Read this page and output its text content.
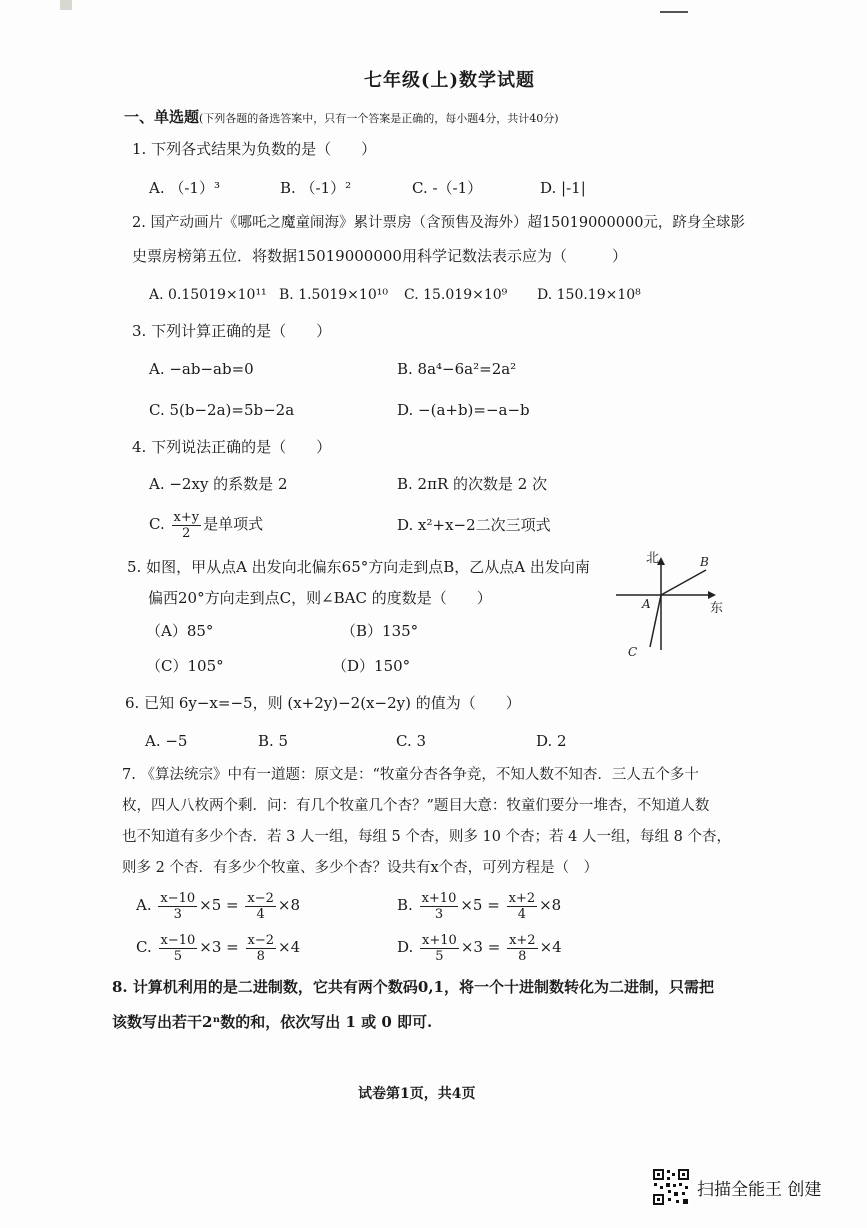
七年级(上)数学试题
一、单选题(下列各题的备选答案中，只有一个答案是正确的，每小题4分，共计40分)
1. 下列各式结果为负数的是（　　）
A. （-1）³	B. （-1）²	C. -（-1）	D. |-1|
2. 国产动画片《哪吒之魔童闹海》累计票房（含预售及海外）超15019000000元，跻身全球影
史票房榜第五位．将数据15019000000用科学记数法表示应为（　　　）
A. 0.15019×10¹¹ B. 1.5019×10¹⁰ C. 15.019×10⁹ D. 150.19×10⁸
3. 下列计算正确的是（　　）
A. −ab−ab=0	B. 8a⁴−6a²=2a²
C. 5(b−2a)=5b−2a	D. −(a+b)=−a−b
4. 下列说法正确的是（　　）
A. −2xy 的系数是 2	B. 2πR 的次数是 2 次
C. $\frac{x+y}{2}$ 是单项式	D. x²+x−2二次三项式
5. 如图，甲从点A 出发向北偏东65°方向走到点B，乙从点A 出发向南
偏西20°方向走到点C，则∠BAC 的度数是（　　）
（A）85°	（B）135°
（C）105°	（D）150°
北
东
A
B
C
6. 已知 6y−x=−5，则 (x+2y)−2(x−2y) 的值为（　　）
A. −5	B. 5	C. 3	D. 2
7. 《算法统宗》中有一道题：原文是：“牧童分杏各争竞，不知人数不知杏．三人五个多十
枚，四人八枚两个剩．问：有几个牧童几个杏？”题目大意：牧童们要分一堆杏，不知道人数
也不知道有多少个杏．若 3 人一组，每组 5 个杏，则多 10 个杏；若 4 人一组，每组 8 个杏，
则多 2 个杏．有多少个牧童、多少个杏？设共有x个杏，可列方程是（　）
A. $\frac{x-10}{3} \times 5 = \frac{x-2}{4} \times 8$	B. $\frac{x+10}{3} \times 5 = \frac{x+2}{4} \times 8$
C. $\frac{x-10}{5} \times 3 = \frac{x-2}{8} \times 4$	D. $\frac{x+10}{5} \times 3 = \frac{x+2}{8} \times 4$
8. 计算机利用的是二进制数，它共有两个数码0,1，将一个十进制数转化为二进制，只需把
该数写出若干2ⁿ数的和，依次写出 1 或 0 即可.
试卷第1页，共4页
扫描全能王 创建
